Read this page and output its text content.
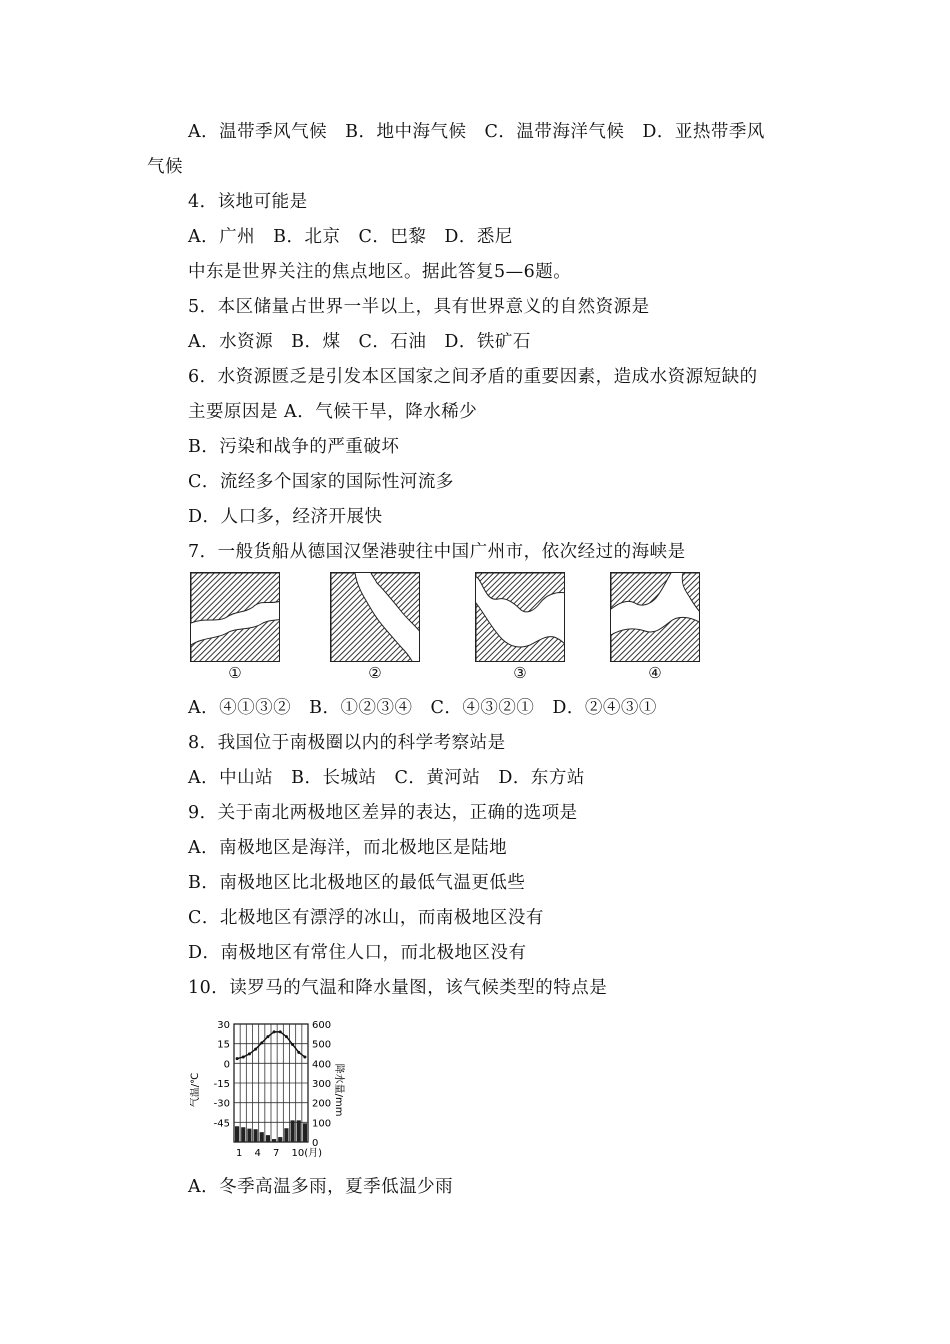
A．温带季风气候　B．地中海气候　C．温带海洋气候　D．亚热带季风
气候
4．该地可能是
A．广州　B．北京　C．巴黎　D．悉尼
中东是世界关注的焦点地区。据此答复5—6题。
5．本区储量占世界一半以上，具有世界意义的自然资源是
A．水资源　B．煤　C．石油　D．铁矿石
6．水资源匮乏是引发本区国家之间矛盾的重要因素，造成水资源短缺的
主要原因是 A．气候干旱，降水稀少
B．污染和战争的严重破坏
C．流经多个国家的国际性河流多
D．人口多，经济开展快
7．一般货船从德国汉堡港驶往中国广州市，依次经过的海峡是
①	②	③	④
A．④①③②　B．①②③④　C．④③②①　D．②④③①
8．我国位于南极圈以内的科学考察站是
A．中山站　B．长城站　C．黄河站　D．东方站
9．关于南北两极地区差异的表达，正确的选项是
A．南极地区是海洋，而北极地区是陆地
B．南极地区比北极地区的最低气温更低些
C．北极地区有漂浮的冰山，而南极地区没有
D．南极地区有常住人口，而北极地区没有
10．读罗马的气温和降水量图，该气候类型的特点是
30
15
0
-15
-30
-45
600
500
400
300
200
100
0
1 4 7 10(月)
气温/℃	降水量/mm
A．冬季高温多雨，夏季低温少雨
